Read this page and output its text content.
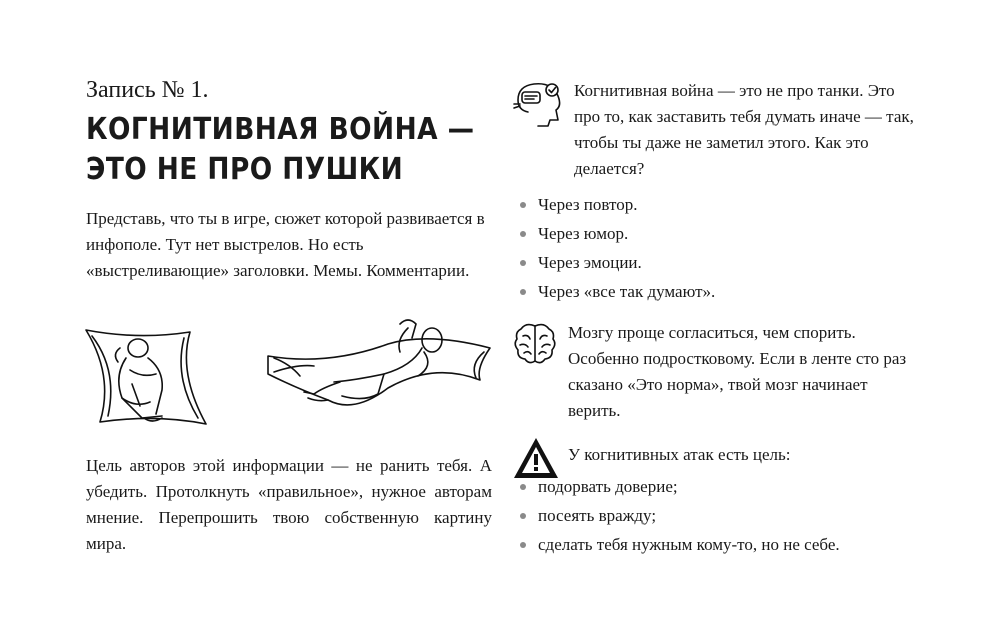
Запись № 1.

КОГНИТИВНАЯ ВОЙНА —
ЭТО НЕ ПРО ПУШКИ

Представь, что ты в игре, сюжет которой развивается в инфополе. Тут нет выстрелов. Но есть «выстреливающие» заголовки. Мемы. Комментарии.

Цель авторов этой информации — не ранить тебя. А убедить. Протолкнуть «правильное», нужное авторам мнение. Перепрошить твою собственную картину мира.

Когнитивная война — это не про танки. Это про то, как заставить тебя думать иначе — так, чтобы ты даже не заметил этого. Как это делается?

Через повтор.
Через юмор.
Через эмоции.
Через «все так думают».

Мозгу проще согласиться, чем спорить. Особенно подростковому. Если в ленте сто раз сказано «Это норма», твой мозг начинает верить.

У когнитивных атак есть цель:

подорвать доверие;
посеять вражду;
сделать тебя нужным кому-то, но не себе.
